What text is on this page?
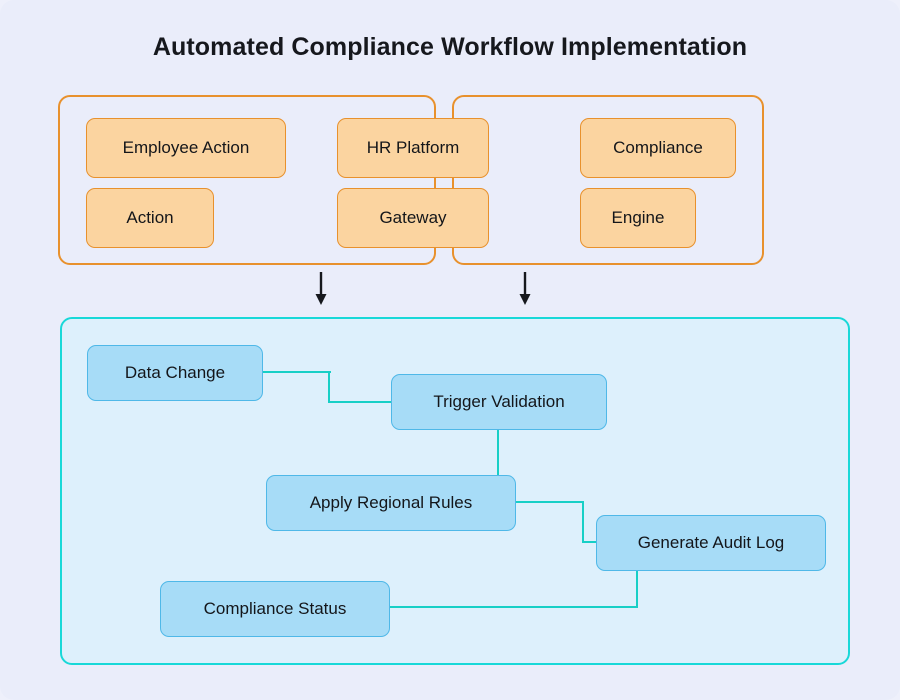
Automated Compliance Workflow Implementation
Employee Action
Action
HR Platform
Gateway
Compliance
Engine
Data Change
Trigger Validation
Apply Regional Rules
Generate Audit Log
Compliance Status
